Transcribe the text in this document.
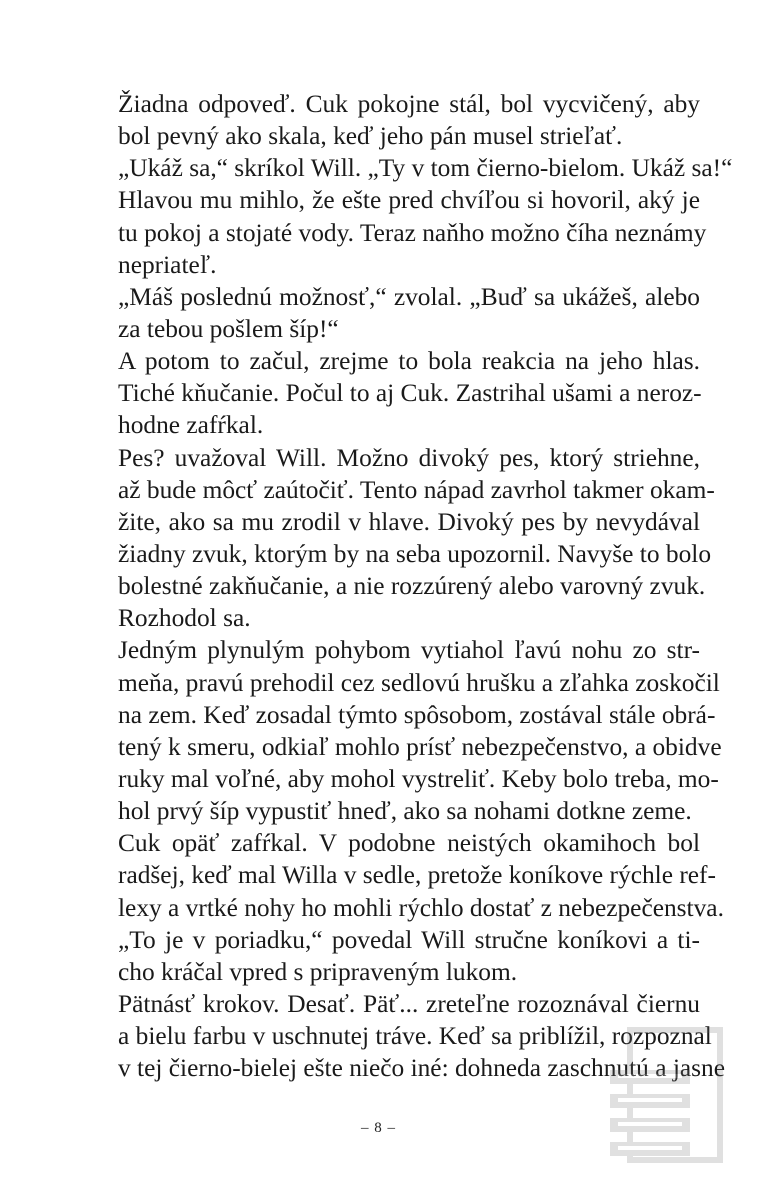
Žiadna odpoveď. Cuk pokojne stál, bol vycvičený, aby
bol pevný ako skala, keď jeho pán musel strieľať.
„Ukáž sa,“ skríkol Will. „Ty v tom čierno-bielom. Ukáž sa!“
Hlavou mu mihlo, že ešte pred chvíľou si hovoril, aký je
tu pokoj a stojaté vody. Teraz naňho možno číha neznámy
nepriateľ.
„Máš poslednú možnosť,“ zvolal. „Buď sa ukážeš, alebo
za tebou pošlem šíp!“
A potom to začul, zrejme to bola reakcia na jeho hlas.
Tiché kňučanie. Počul to aj Cuk. Zastrihal ušami a neroz-
hodne zafŕkal.
Pes? uvažoval Will. Možno divoký pes, ktorý striehne,
až bude môcť zaútočiť. Tento nápad zavrhol takmer okam-
žite, ako sa mu zrodil v hlave. Divoký pes by nevydával
žiadny zvuk, ktorým by na seba upozornil. Navyše to bolo
bolestné zakňučanie, a nie rozzúrený alebo varovný zvuk.
Rozhodol sa.
Jedným plynulým pohybom vytiahol ľavú nohu zo str-
meňa, pravú prehodil cez sedlovú hrušku a zľahka zoskočil
na zem. Keď zosadal týmto spôsobom, zostával stále obrá-
tený k smeru, odkiaľ mohlo prísť nebezpečenstvo, a obidve
ruky mal voľné, aby mohol vystreliť. Keby bolo treba, mo-
hol prvý šíp vypustiť hneď, ako sa nohami dotkne zeme.
Cuk opäť zafŕkal. V podobne neistých okamihoch bol
radšej, keď mal Willa v sedle, pretože koníkove rýchle ref-
lexy a vrtké nohy ho mohli rýchlo dostať z nebezpečenstva.
„To je v poriadku,“ povedal Will stručne koníkovi a ti-
cho kráčal vpred s pripraveným lukom.
Pätnásť krokov. Desať. Päť... zreteľne rozoznával čiernu
a bielu farbu v uschnutej tráve. Keď sa priblížil, rozpoznal
v tej čierno-bielej ešte niečo iné: dohneda zaschnutú a jasne
– 8 –
